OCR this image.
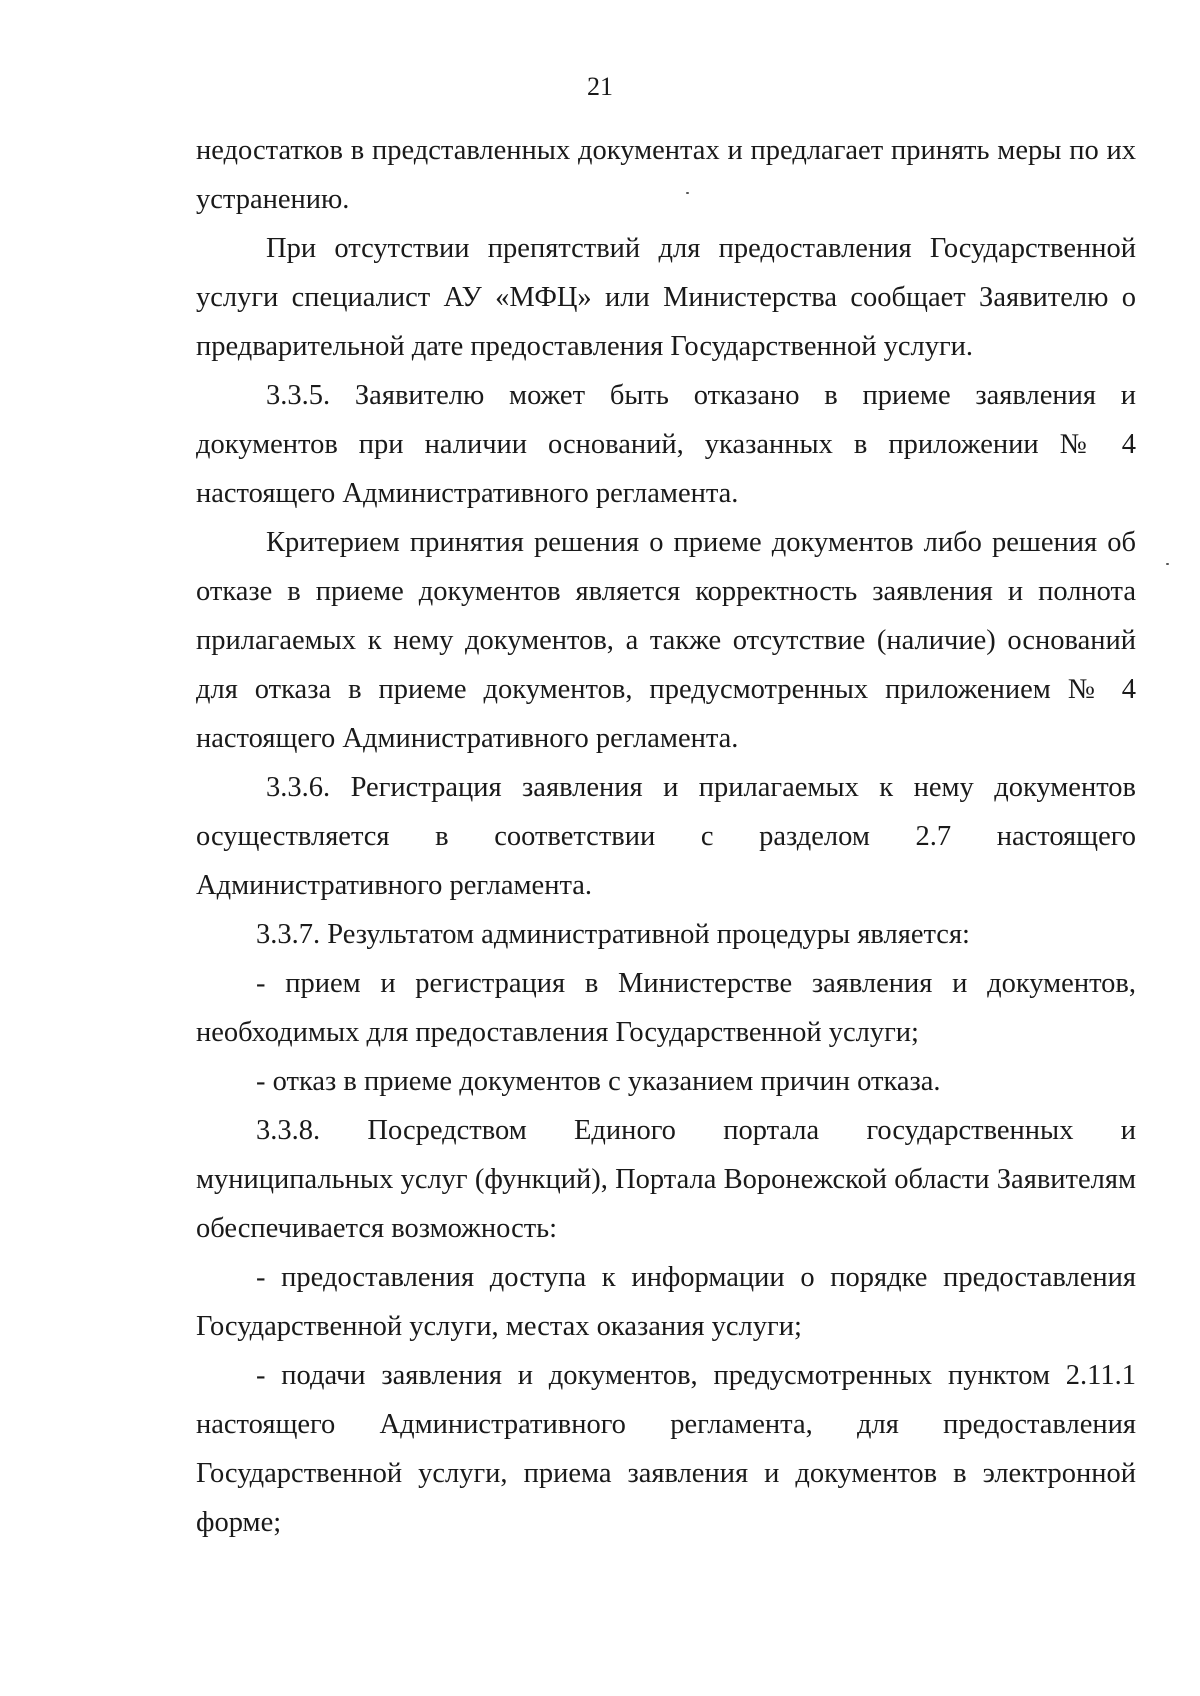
21

недостатков в представленных документах и предлагает принять меры по их устранению.

При отсутствии препятствий для предоставления Государственной услуги специалист АУ «МФЦ» или Министерства сообщает Заявителю о предварительной дате предоставления Государственной услуги.

3.3.5. Заявителю может быть отказано в приеме заявления и документов при наличии оснований, указанных в приложении № 4 настоящего Административного регламента.

Критерием принятия решения о приеме документов либо решения об отказе в приеме документов является корректность заявления и полнота прилагаемых к нему документов, а также отсутствие (наличие) оснований для отказа в приеме документов, предусмотренных приложением № 4 настоящего Административного регламента.

3.3.6. Регистрация заявления и прилагаемых к нему документов осуществляется в соответствии с разделом 2.7 настоящего Административного регламента.

3.3.7. Результатом административной процедуры является:

- прием и регистрация в Министерстве заявления и документов, необходимых для предоставления Государственной услуги;

- отказ в приеме документов с указанием причин отказа.

3.3.8. Посредством Единого портала государственных и муниципальных услуг (функций), Портала Воронежской области Заявителям обеспечивается возможность:

- предоставления доступа к информации о порядке предоставления Государственной услуги, местах оказания услуги;

- подачи заявления и документов, предусмотренных пунктом 2.11.1 настоящего Административного регламента, для предоставления Государственной услуги, приема заявления и документов в электронной форме;
